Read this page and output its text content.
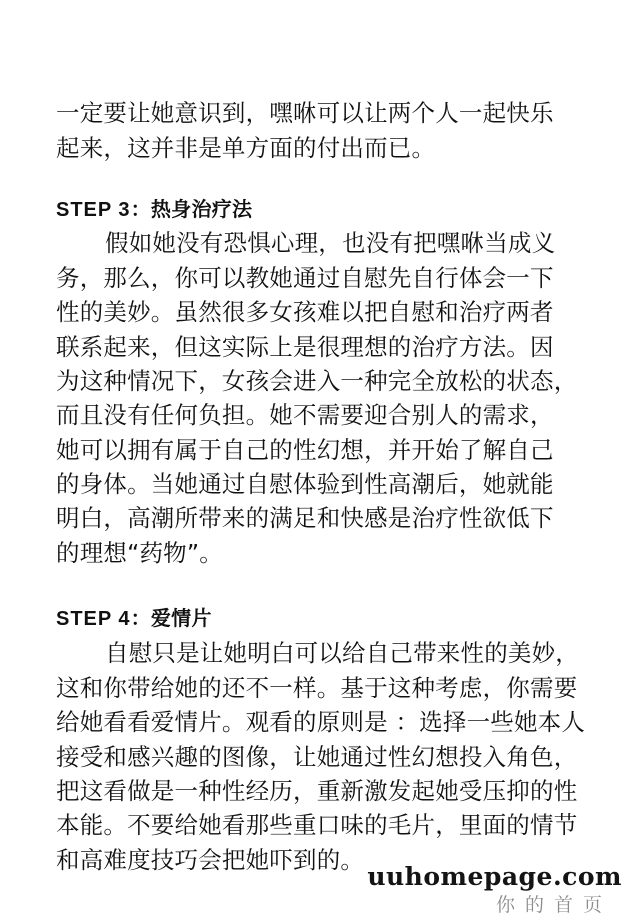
一定要让她意识到，嘿咻可以让两个人一起快乐
起来，这并非是单方面的付出而已。
STEP 3：热身治疗法
假如她没有恐惧心理，也没有把嘿咻当成义
务，那么，你可以教她通过自慰先自行体会一下
性的美妙。虽然很多女孩难以把自慰和治疗两者
联系起来，但这实际上是很理想的治疗方法。因
为这种情况下，女孩会进入一种完全放松的状态，
而且没有任何负担。她不需要迎合别人的需求，
她可以拥有属于自己的性幻想，并开始了解自己
的身体。当她通过自慰体验到性高潮后，她就能
明白，高潮所带来的满足和快感是治疗性欲低下
的理想“药物”。
STEP 4：爱情片
自慰只是让她明白可以给自己带来性的美妙，
这和你带给她的还不一样。基于这种考虑，你需要
给她看看爱情片。观看的原则是 ：选择一些她本人
接受和感兴趣的图像，让她通过性幻想投入角色，
把这看做是一种性经历，重新激发起她受压抑的性
本能。不要给她看那些重口味的毛片，里面的情节
和高难度技巧会把她吓到的。
uuhomepage.com
你的首页
